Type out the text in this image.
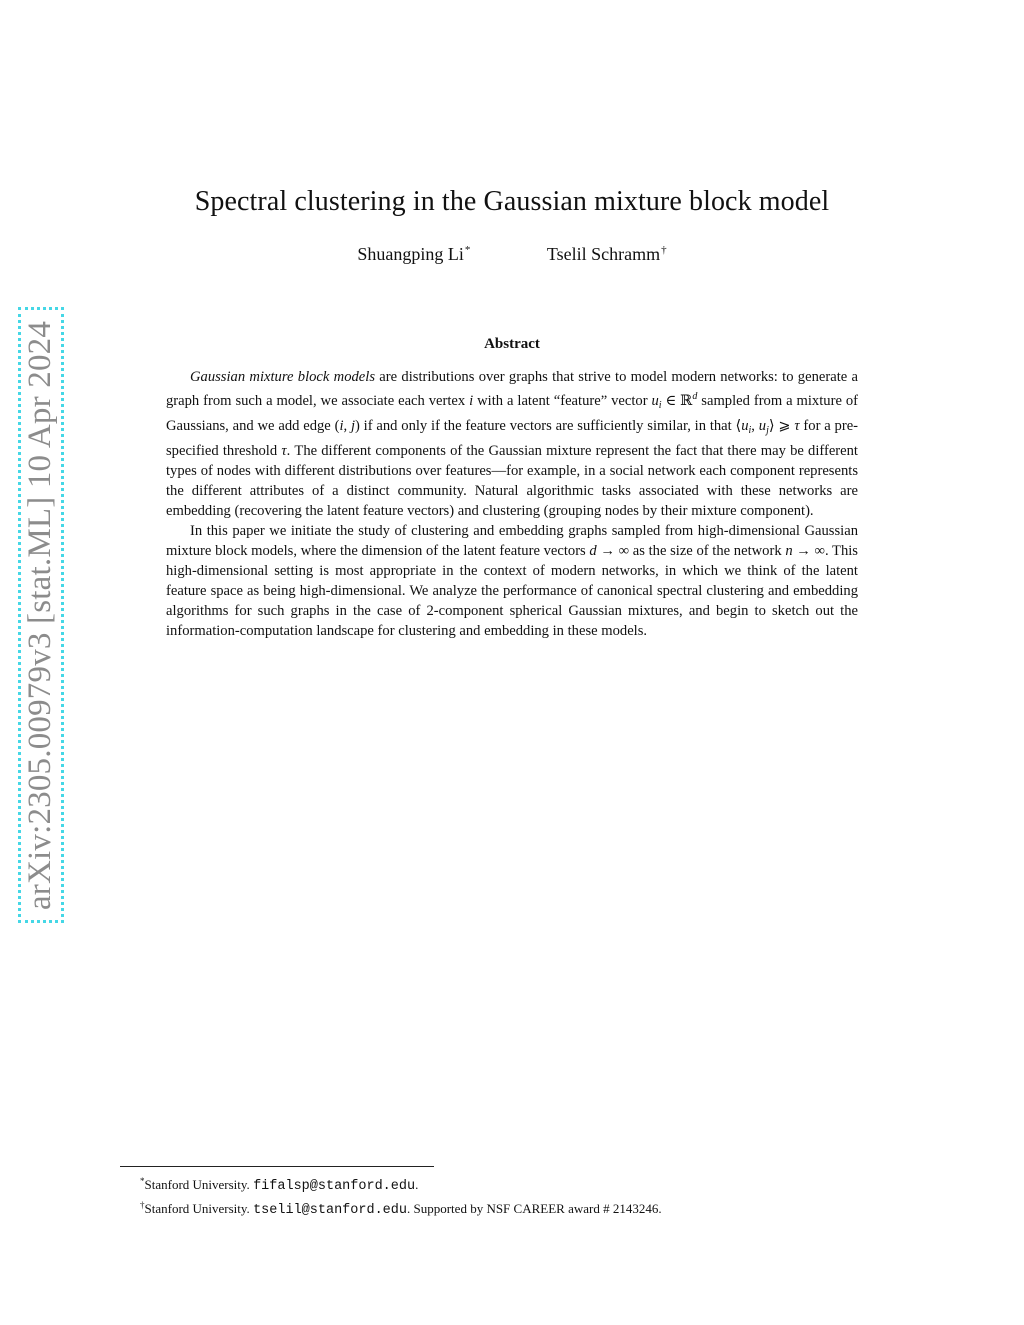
arXiv:2305.00979v3 [stat.ML] 10 Apr 2024
Spectral clustering in the Gaussian mixture block model
Shuangping Li*	Tselil Schramm†
Abstract

Gaussian mixture block models are distributions over graphs that strive to model modern networks: to generate a graph from such a model, we associate each vertex i with a latent “feature” vector $u_i$ ∈ ℝ$^d$ sampled from a mixture of Gaussians, and we add edge (i, j) if and only if the feature vectors are sufficiently similar, in that $⟨u_i$, $u_j⟩$ ⩾ τ for a pre-specified threshold τ. The different components of the Gaussian mixture represent the fact that there may be different types of nodes with different distributions over features—for example, in a social network each component represents the different attributes of a distinct community. Natural algorithmic tasks associated with these networks are embedding (recovering the latent feature vectors) and clustering (grouping nodes by their mixture component).

In this paper we initiate the study of clustering and embedding graphs sampled from high-dimensional Gaussian mixture block models, where the dimension of the latent feature vectors d → ∞ as the size of the network n → ∞. This high-dimensional setting is most appropriate in the context of modern networks, in which we think of the latent feature space as being high-dimensional. We analyze the performance of canonical spectral clustering and embedding algorithms for such graphs in the case of 2-component spherical Gaussian mixtures, and begin to sketch out the information-computation landscape for clustering and embedding in these models.

*Stanford University. fifalsp@stanford.edu.
†Stanford University. tselil@stanford.edu. Supported by NSF CAREER award # 2143246.
